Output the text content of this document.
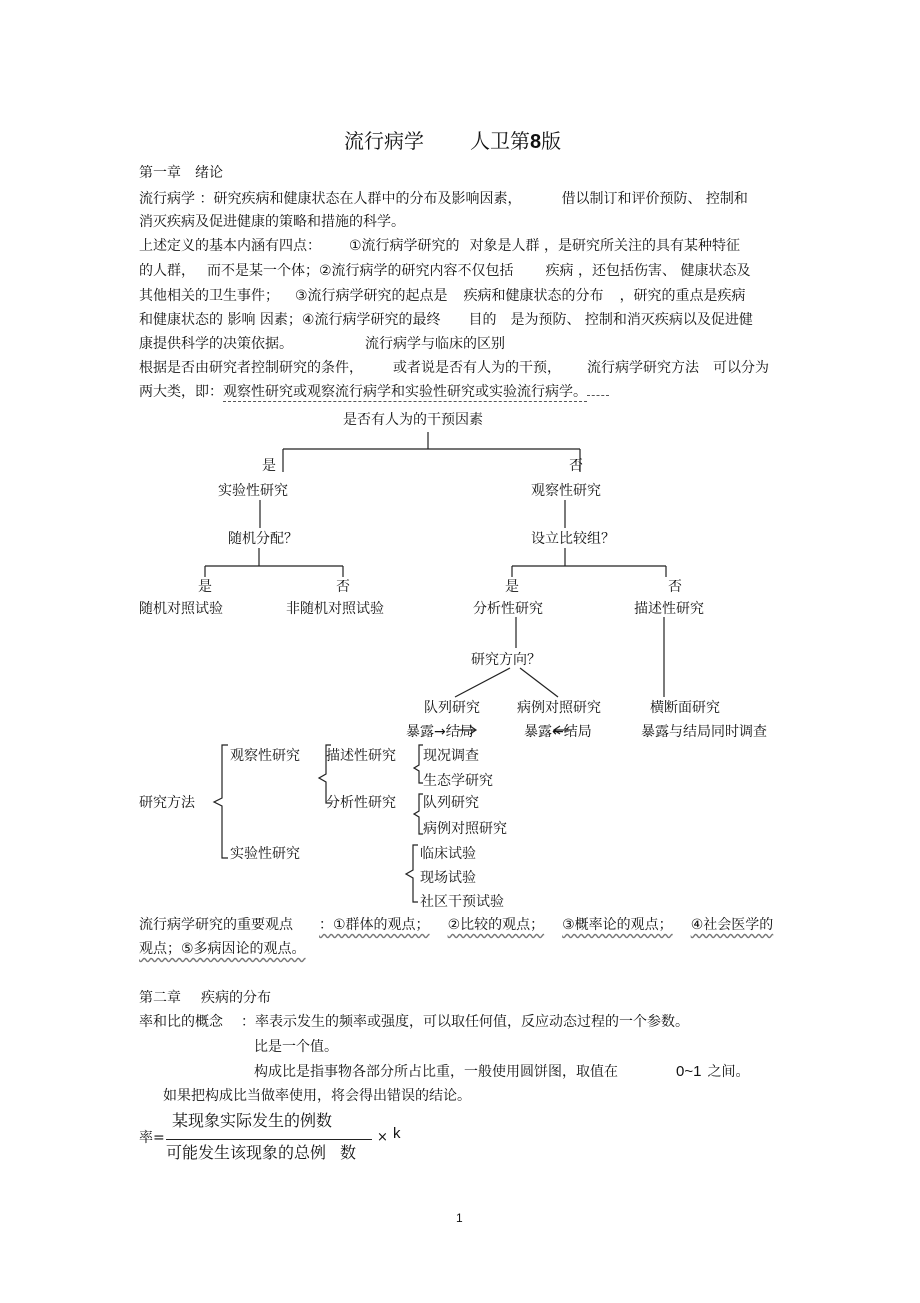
流行病学 人卫第8版
第一章 绪论
流行病学 ：研究疾病和健康状态在人群中的分布及影响因素，	借以制订和评价预防、 控制和
消灭疾病及促进健康的策略和措施的科学。
上述定义的基本内涵有四点： ①流行病学研究的 对象是人群 ，是研究所关注的具有某种特征
的人群， 而不是某一个体；②流行病学的研究内容不仅包括 疾病 ，还包括伤害、 健康状态及
其他相关的卫生事件； ③流行病学研究的起点是 疾病和健康状态的分布 ，研究的重点是疾病
和健康状态的 影响 因素；④流行病学研究的最终 目的 是为预防、 控制和消灭疾病以及促进健
康提供科学的决策依据。	流行病学与临床的区别
根据是否由研究者控制研究的条件， 或者说是否有人为的干预， 流行病学研究方法 可以分为
两大类，即：观察性研究或观察流行病学和实验性研究或实验流行病学。
是否有人为的干预因素
是	否
实验性研究	观察性研究
随机分配？	设立比较组？
是	否	是	否
随机对照试验	非随机对照试验	分析性研究	描述性研究
研究方向？
队列研究	病例对照研究	横断面研究
暴露→结局	暴露←结局	暴露与结局同时调查
研究方法
观察性研究 描述性研究
分析性研究
现况调查
生态学研究
队列研究
病例对照研究
实验性研究	临床试验
现场试验
社区干预试验
流行病学研究的重要观点 ：①群体的观点； ②比较的观点； ③概率论的观点； ④社会医学的
观点；⑤多病因论的观点。
第二章 疾病的分布
率和比的概念 ：率表示发生的频率或强度，可以取任何值，反应动态过程的一个参数。
比是一个值。
构成比是指事物各部分所占比重，一般使用圆饼图，取值在	0~1 之间。
如果把构成比当做率使用，将会得出错误的结论。
率=
某现象实际发生的例数
可能发生该现象的总例 数
× k
1
